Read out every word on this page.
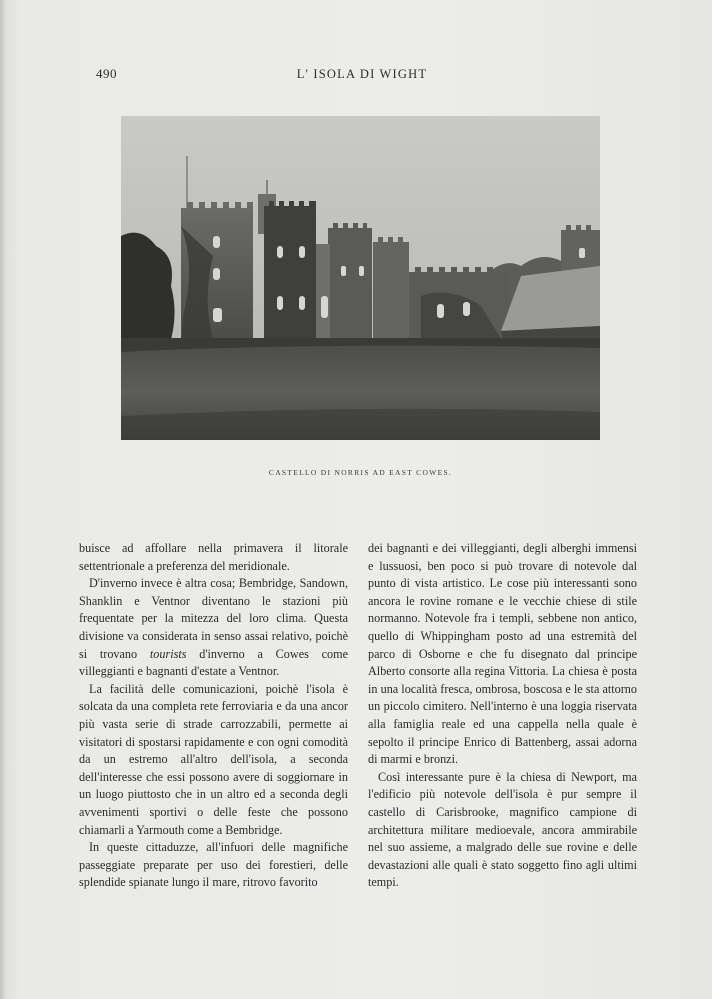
490	L' ISOLA DI WIGHT
CASTELLO DI NORRIS AD EAST COWES.

buisce ad affollare nella primavera il litorale settentrionale a preferenza del meridionale.

D'inverno invece è altra cosa; Bembridge, Sandown, Shanklin e Ventnor diventano le stazioni più frequentate per la mitezza del loro clima. Questa divisione va considerata in senso assai relativo, poichè si trovano tourists d'inverno a Cowes come villeggianti e bagnanti d'estate a Ventnor.

La facilità delle comunicazioni, poichè l'isola è solcata da una completa rete ferroviaria e da una ancor più vasta serie di strade carrozzabili, permette ai visitatori di spostarsi rapidamente e con ogni comodità da un estremo all'altro dell'isola, a seconda dell'interesse che essi possono avere di soggiornare in un luogo piuttosto che in un altro ed a seconda degli avvenimenti sportivi o delle feste che possono chiamarli a Yarmouth come a Bembridge.

In queste cittaduzze, all'infuori delle magnifiche passeggiate preparate per uso dei forestieri, delle splendide spianate lungo il mare, ritrovo favorito

dei bagnanti e dei villeggianti, degli alberghi immensi e lussuosi, ben poco si può trovare di notevole dal punto di vista artistico. Le cose più interessanti sono ancora le rovine romane e le vecchie chiese di stile normanno. Notevole fra i templi, sebbene non antico, quello di Whippingham posto ad una estremità del parco di Osborne e che fu disegnato dal principe Alberto consorte alla regina Vittoria. La chiesa è posta in una località fresca, ombrosa, boscosa e le sta attorno un piccolo cimitero. Nell'interno è una loggia riservata alla famiglia reale ed una cappella nella quale è sepolto il principe Enrico di Battenberg, assai adorna di marmi e bronzi.

Così interessante pure è la chiesa di Newport, ma l'edificio più notevole dell'isola è pur sempre il castello di Carisbrooke, magnifico campione di architettura militare medioevale, ancora ammirabile nel suo assieme, a malgrado delle sue rovine e delle devastazioni alle quali è stato soggetto fino agli ultimi tempi.
